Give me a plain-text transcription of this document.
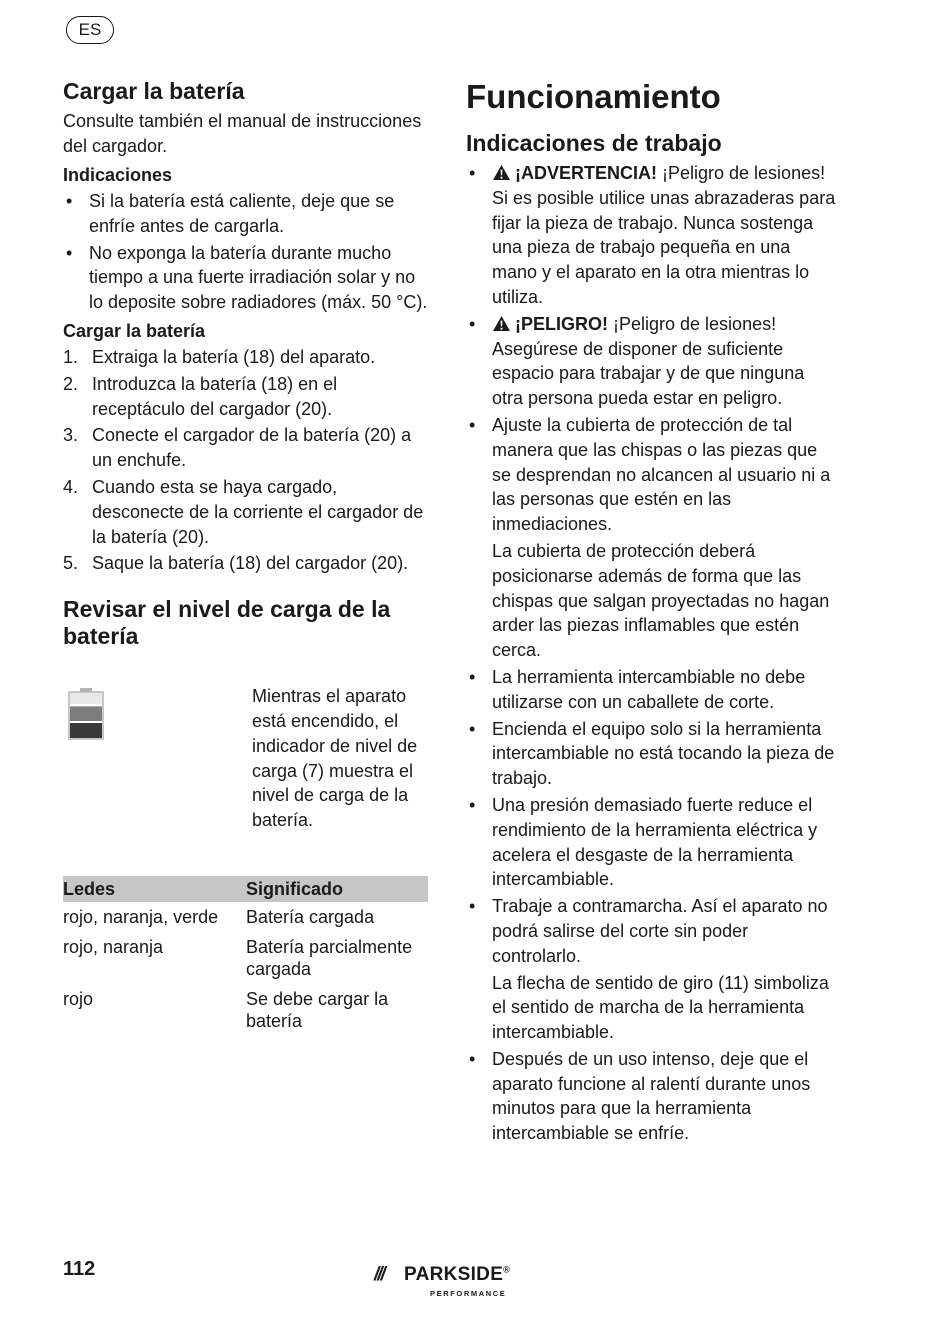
ES
Cargar la batería

Consulte también el manual de instrucciones del cargador.

Indicaciones
• Si la batería está caliente, deje que se enfríe antes de cargarla.
• No exponga la batería durante mucho tiempo a una fuerte irradiación solar y no lo deposite sobre radiadores (máx. 50 °C).
Cargar la batería
1. Extraiga la batería (18) del aparato.
2. Introduzca la batería (18) en el receptáculo del cargador (20).
3. Conecte el cargador de la batería (20) a un enchufe.
4. Cuando esta se haya cargado, desconecte de la corriente el cargador de la batería (20).
5. Saque la batería (18) del cargador (20).
Revisar el nivel de carga de la batería
Mientras el aparato está encendido, el indicador de nivel de carga (7) muestra el nivel de carga de la batería.
Ledes	Significado
rojo, naranja, verde	Batería cargada
rojo, naranja	Batería parcialmente cargada
rojo	Se debe cargar la batería
Funcionamiento
Indicaciones de trabajo
• ¡ADVERTENCIA! ¡Peligro de lesiones! Si es posible utilice unas abrazaderas para fijar la pieza de trabajo. Nunca sostenga una pieza de trabajo pequeña en una mano y el aparato en la otra mientras lo utiliza.
• ¡PELIGRO! ¡Peligro de lesiones! Asegúrese de disponer de suficiente espacio para trabajar y de que ninguna otra persona pueda estar en peligro.
• Ajuste la cubierta de protección de tal manera que las chispas o las piezas que se desprendan no alcancen al usuario ni a las personas que estén en las inmediaciones.
La cubierta de protección deberá posicionarse además de forma que las chispas que salgan proyectadas no hagan arder las piezas inflamables que estén cerca.
• La herramienta intercambiable no debe utilizarse con un caballete de corte.
• Encienda el equipo solo si la herramienta intercambiable no está tocando la pieza de trabajo.
• Una presión demasiado fuerte reduce el rendimiento de la herramienta eléctrica y acelera el desgaste de la herramienta intercambiable.
• Trabaje a contramarcha. Así el aparato no podrá salirse del corte sin poder controlarlo.
La flecha de sentido de giro (11) simboliza el sentido de marcha de la herramienta intercambiable.
• Después de un uso intenso, deje que el aparato funcione al ralentí durante unos minutos para que la herramienta intercambiable se enfríe.
112	/// PARKSIDE®
PERFORMANCE
